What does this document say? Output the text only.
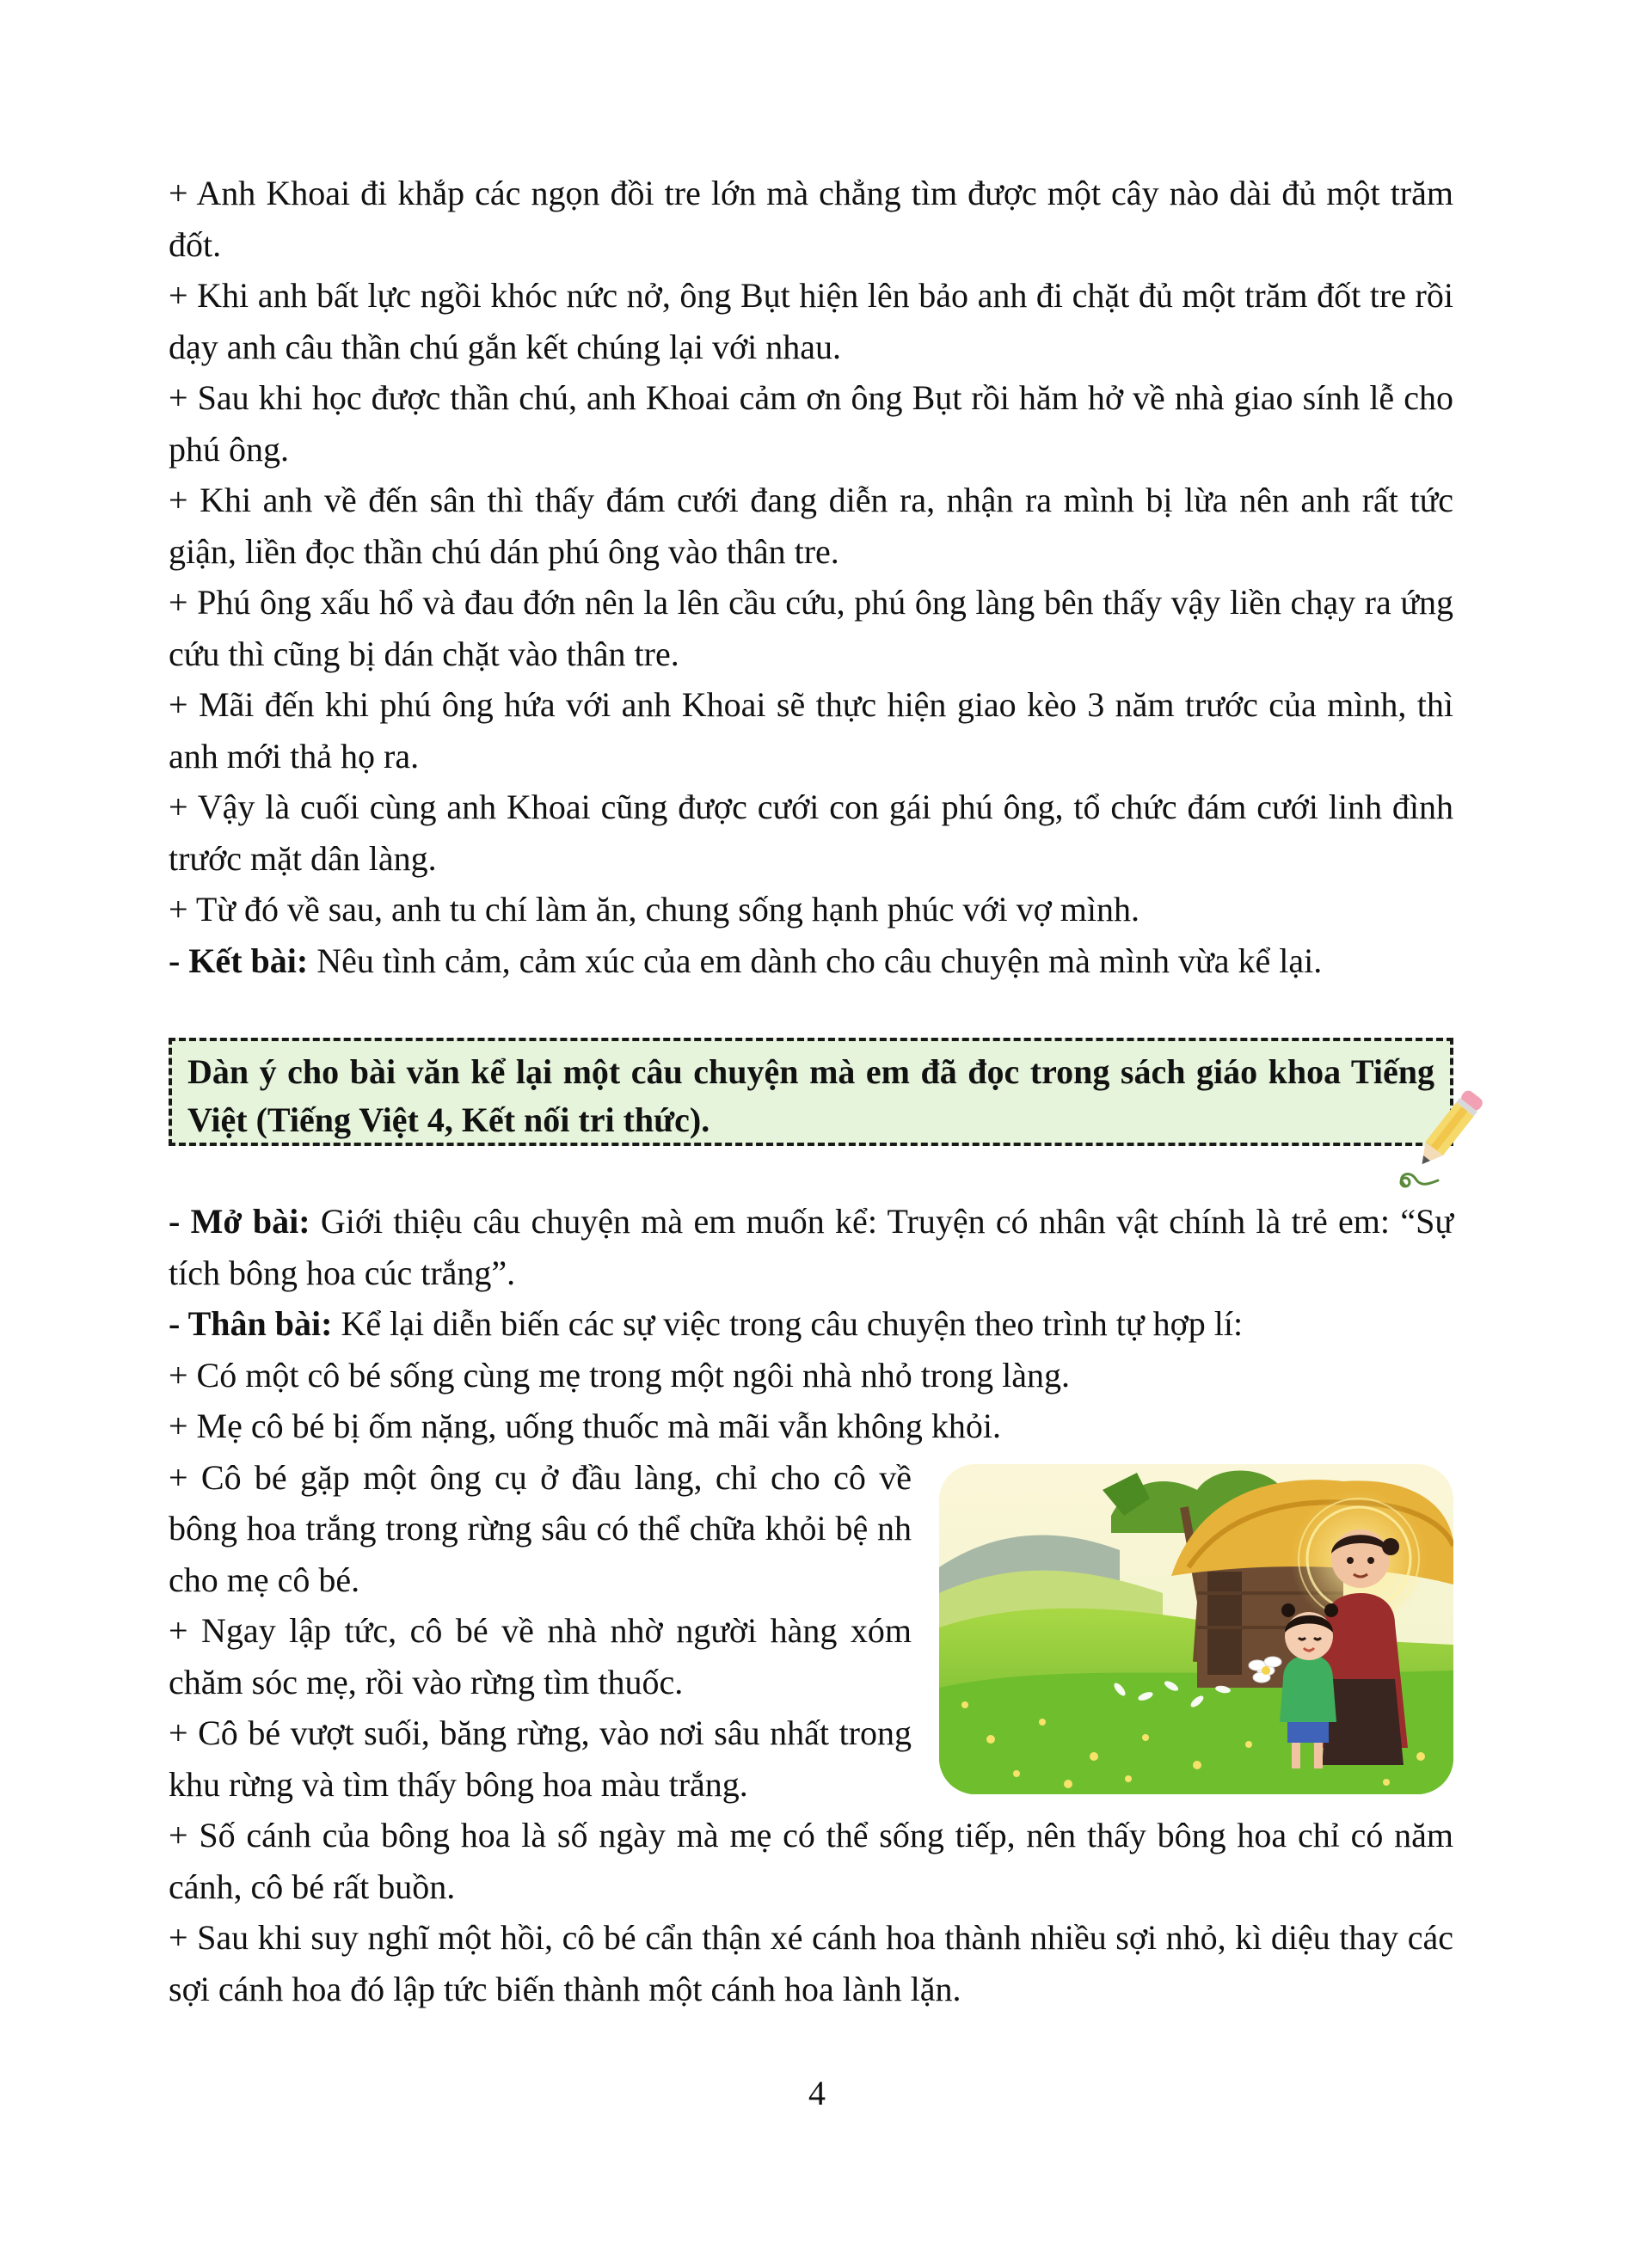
+ Anh Khoai đi khắp các ngọn đồi tre lớn mà chẳng tìm được một cây nào dài đủ một trăm đốt.

+ Khi anh bất lực ngồi khóc nức nở, ông Bụt hiện lên bảo anh đi chặt đủ một trăm đốt tre rồi dạy anh câu thần chú gắn kết chúng lại với nhau.

+ Sau khi học được thần chú, anh Khoai cảm ơn ông Bụt rồi hăm hở về nhà giao sính lễ cho phú ông.

+ Khi anh về đến sân thì thấy đám cưới đang diễn ra, nhận ra mình bị lừa nên anh rất tức giận, liền đọc thần chú dán phú ông vào thân tre.

+ Phú ông xấu hổ và đau đớn nên la lên cầu cứu, phú ông làng bên thấy vậy liền chạy ra ứng cứu thì cũng bị dán chặt vào thân tre.

+ Mãi đến khi phú ông hứa với anh Khoai sẽ thực hiện giao kèo 3 năm trước của mình, thì anh mới thả họ ra.

+ Vậy là cuối cùng anh Khoai cũng được cưới con gái phú ông, tổ chức đám cưới linh đình trước mặt dân làng.

+ Từ đó về sau, anh tu chí làm ăn, chung sống hạnh phúc với vợ mình.

- Kết bài: Nêu tình cảm, cảm xúc của em dành cho câu chuyện mà mình vừa kể lại.

Dàn ý cho bài văn kể lại một câu chuyện mà em đã đọc trong sách giáo khoa Tiếng Việt (Tiếng Việt 4, Kết nối tri thức).

- Mở bài: Giới thiệu câu chuyện mà em muốn kể: Truyện có nhân vật chính là trẻ em: “Sự tích bông hoa cúc trắng”.

- Thân bài: Kể lại diễn biến các sự việc trong câu chuyện theo trình tự hợp lí:

+ Có một cô bé sống cùng mẹ trong một ngôi nhà nhỏ trong làng.

+ Mẹ cô bé bị ốm nặng, uống thuốc mà mãi vẫn không khỏi.

+ Cô bé gặp một ông cụ ở đầu làng, chỉ cho cô về bông hoa trắng trong rừng sâu có thể chữa khỏi bệ nh cho mẹ cô bé.

+ Ngay lập tức, cô bé về nhà nhờ người hàng xóm chăm sóc mẹ, rồi vào rừng tìm thuốc.

+ Cô bé vượt suối, băng rừng, vào nơi sâu nhất trong khu rừng và tìm thấy bông hoa màu trắng.

+ Số cánh của bông hoa là số ngày mà mẹ có thể sống tiếp, nên thấy bông hoa chỉ có năm cánh, cô bé rất buồn.

+ Sau khi suy nghĩ một hồi, cô bé cẩn thận xé cánh hoa thành nhiều sợi nhỏ, kì diệu thay các sợi cánh hoa đó lập tức biến thành một cánh hoa lành lặn.

4
